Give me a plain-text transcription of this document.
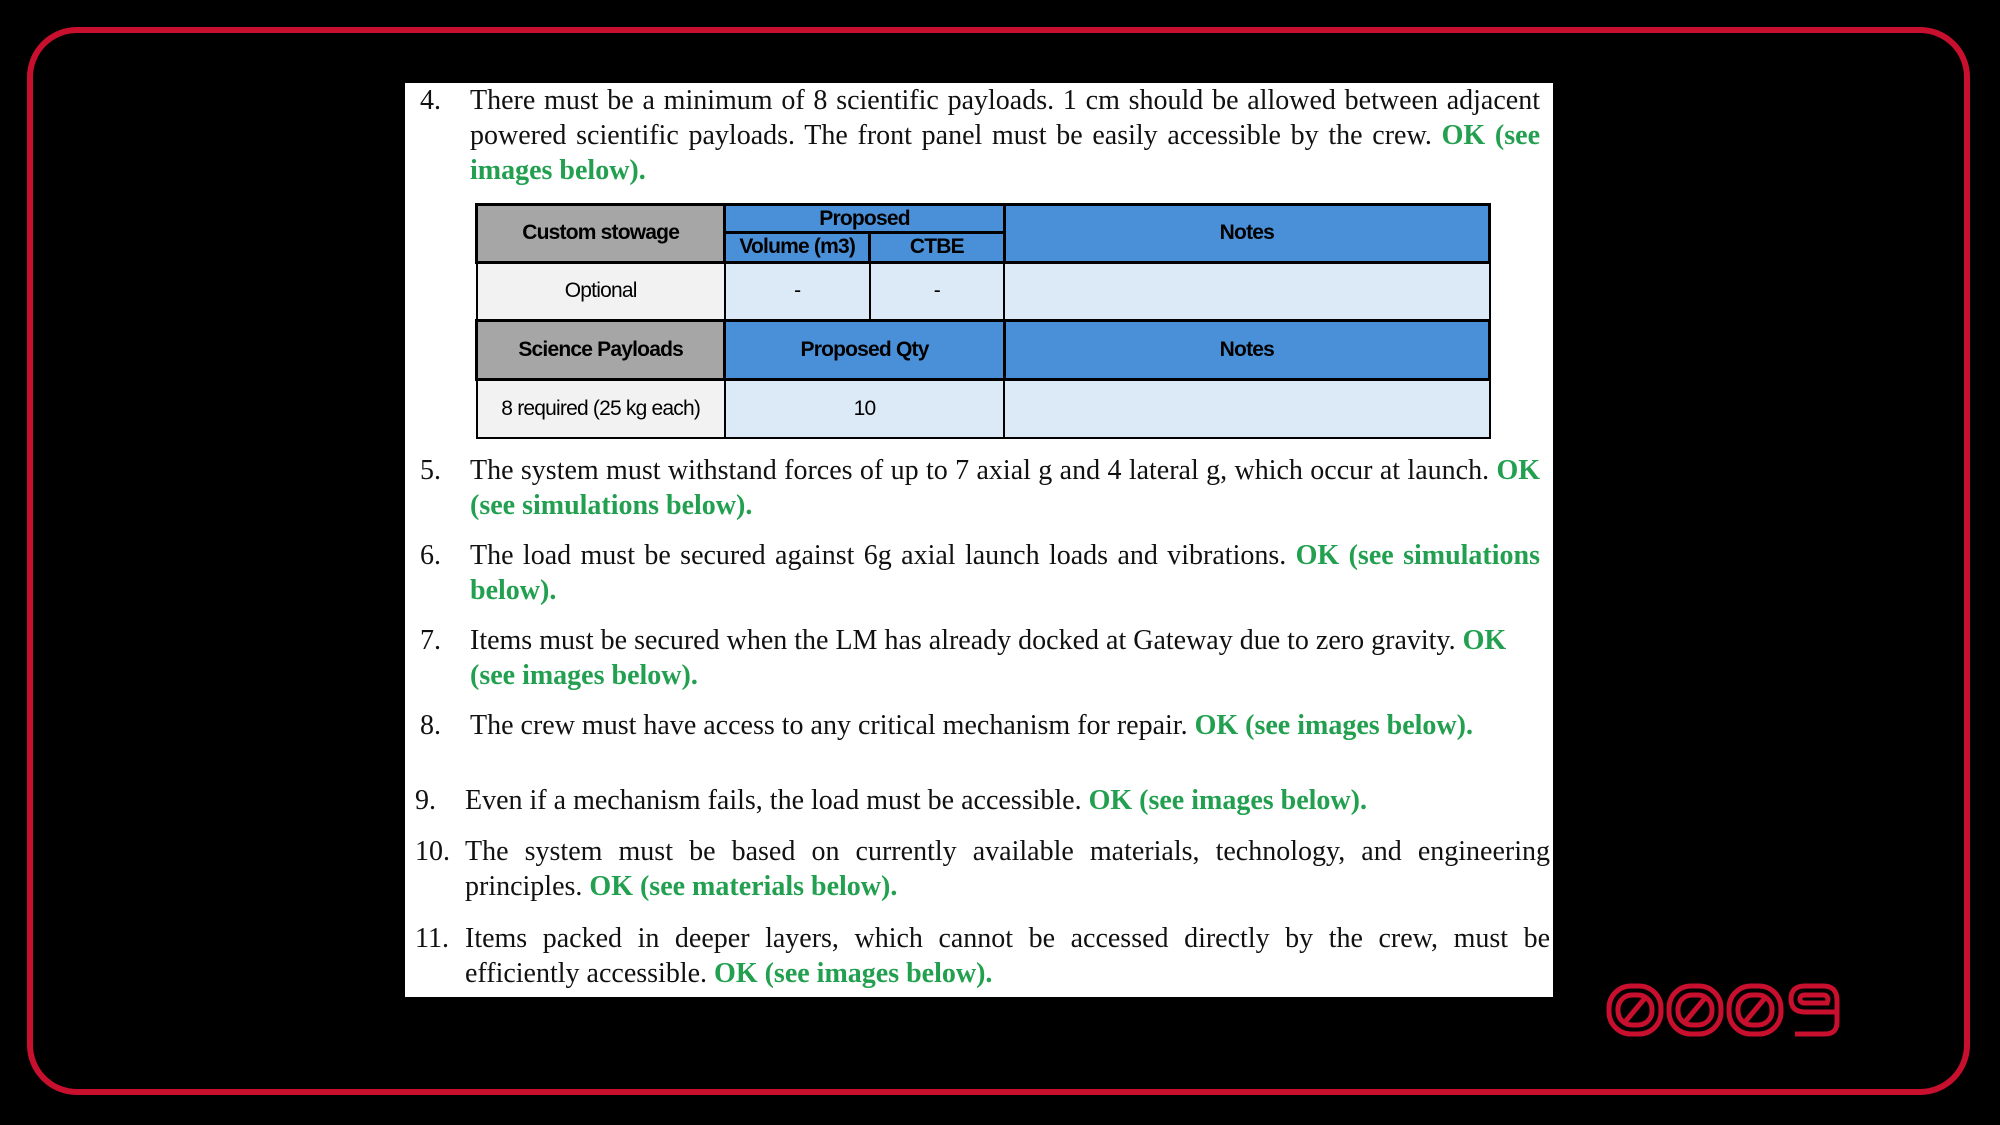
4. There must be a minimum of 8 scientific payloads. 1 cm should be allowed between adjacent powered scientific payloads. The front panel must be easily accessible by the crew. OK (see images below).
Custom stowage	Proposed		Notes
	Volume (m3)	CTBE	
Optional	-	-	
Science Payloads	Proposed Qty		Notes
8 required (25 kg each)	10		
5. The system must withstand forces of up to 7 axial g and 4 lateral g, which occur at launch. OK (see simulations below).
6. The load must be secured against 6g axial launch loads and vibrations. OK (see simulations below).
7. Items must be secured when the LM has already docked at Gateway due to zero gravity. OK (see images below).
8. The crew must have access to any critical mechanism for repair. OK (see images below).
9. Even if a mechanism fails, the load must be accessible. OK (see images below).
10. The system must be based on currently available materials, technology, and engineering principles. OK (see materials below).
11. Items packed in deeper layers, which cannot be accessed directly by the crew, must be efficiently accessible. OK (see images below).
